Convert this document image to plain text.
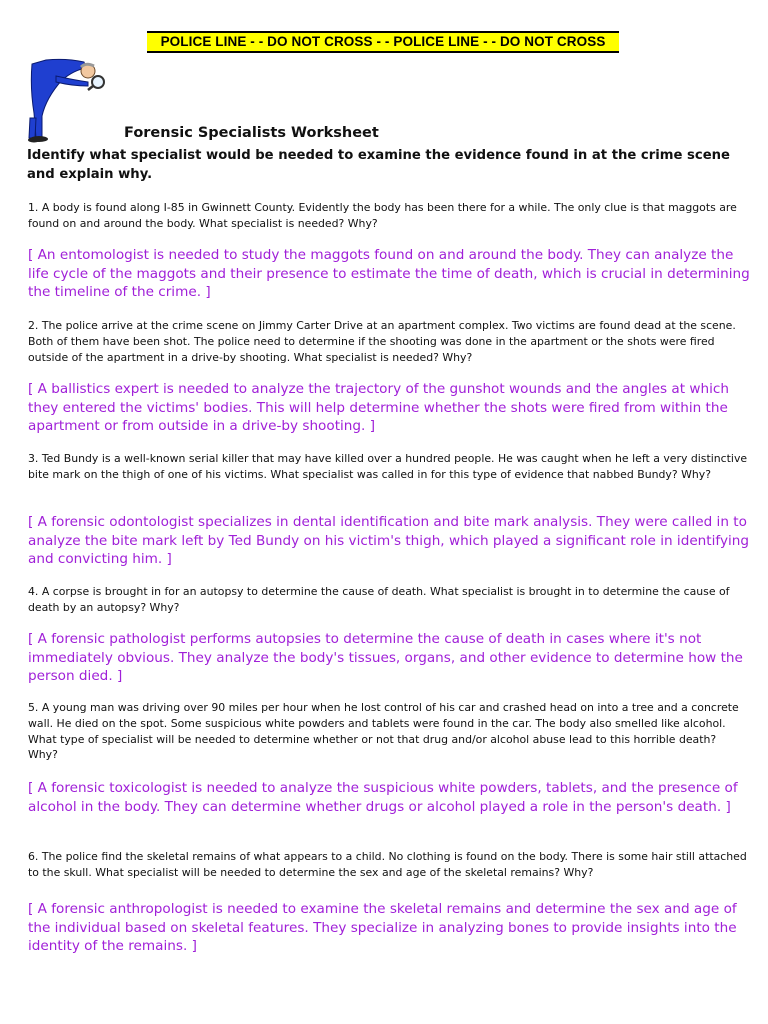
POLICE LINE - - DO NOT CROSS - - POLICE LINE - - DO NOT CROSS
Forensic Specialists Worksheet

Identify what specialist would be needed to examine the evidence found in at the crime scene and explain why.

1. A body is found along I-85 in Gwinnett County. Evidently the body has been there for a while. The only clue is that maggots are found on and around the body. What specialist is needed? Why?

[ An entomologist is needed to study the maggots found on and around the body. They can analyze the life cycle of the maggots and their presence to estimate the time of death, which is crucial in determining the timeline of the crime. ]

2. The police arrive at the crime scene on Jimmy Carter Drive at an apartment complex. Two victims are found dead at the scene. Both of them have been shot. The police need to determine if the shooting was done in the apartment or the shots were fired outside of the apartment in a drive-by shooting. What specialist is needed? Why?

[ A ballistics expert is needed to analyze the trajectory of the gunshot wounds and the angles at which they entered the victims' bodies. This will help determine whether the shots were fired from within the apartment or from outside in a drive-by shooting. ]

3. Ted Bundy is a well-known serial killer that may have killed over a hundred people. He was caught when he left a very distinctive bite mark on the thigh of one of his victims. What specialist was called in for this type of evidence that nabbed Bundy? Why?

[ A forensic odontologist specializes in dental identification and bite mark analysis. They were called in to analyze the bite mark left by Ted Bundy on his victim's thigh, which played a significant role in identifying and convicting him. ]

4. A corpse is brought in for an autopsy to determine the cause of death. What specialist is brought in to determine the cause of death by an autopsy? Why?

[ A forensic pathologist performs autopsies to determine the cause of death in cases where it's not immediately obvious. They analyze the body's tissues, organs, and other evidence to determine how the person died. ]

5. A young man was driving over 90 miles per hour when he lost control of his car and crashed head on into a tree and a concrete wall. He died on the spot. Some suspicious white powders and tablets were found in the car. The body also smelled like alcohol. What type of specialist will be needed to determine whether or not that drug and/or alcohol abuse lead to this horrible death? Why?

[ A forensic toxicologist is needed to analyze the suspicious white powders, tablets, and the presence of alcohol in the body. They can determine whether drugs or alcohol played a role in the person's death. ]

6. The police find the skeletal remains of what appears to a child. No clothing is found on the body. There is some hair still attached to the skull. What specialist will be needed to determine the sex and age of the skeletal remains? Why?

[ A forensic anthropologist is needed to examine the skeletal remains and determine the sex and age of the individual based on skeletal features. They specialize in analyzing bones to provide insights into the identity of the remains. ]
